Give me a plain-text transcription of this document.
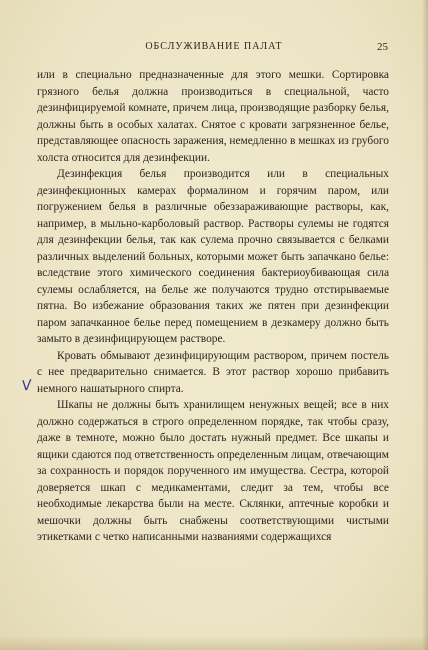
ОБСЛУЖИВАНИЕ ПАЛАТ	25
V

или в специально предназначенные для этого мешки. Сортировка грязного белья должна производиться в специальной, часто дезинфицируемой комнате, причем лица, производящие разборку белья, должны быть в особых халатах. Снятое с кровати загрязненное белье, представляющее опасность заражения, немедленно в мешках из грубого холста относится для дезинфекции.

Дезинфекция белья производится или в специальных дезинфекционных камерах формалином и горячим паром, или погружением белья в различные обеззараживающие растворы, как, например, в мыльно-карболовый раствор. Растворы сулемы не годятся для дезинфекции белья, так как сулема прочно связывается с белками различных выделений больных, которыми может быть запачкано белье: вследствие этого химического соединения бактериоубивающая сила сулемы ослабляется, на белье же получаются трудно отстирываемые пятна. Во избежание образования таких же пятен при дезинфекции паром запачканное белье перед помещением в дезкамеру должно быть замыто в дезинфицирующем растворе.

Кровать обмывают дезинфицирующим раствором, причем постель с нее предварительно снимается. В этот раствор хорошо прибавить немного нашатырного спирта.

Шкапы не должны быть хранилищем ненужных вещей; все в них должно содержаться в строго определенном порядке, так чтобы сразу, даже в темноте, можно было достать нужный предмет. Все шкапы и ящики сдаются под ответственность определенным лицам, отвечающим за сохранность и порядок порученного им имущества. Сестра, которой доверяется шкап с медикаментами, следит за тем, чтобы все необходимые лекарства были на месте. Склянки, аптечные коробки и мешочки должны быть снабжены соответствующими чистыми этикетками с четко написанными названиями содержащихся
